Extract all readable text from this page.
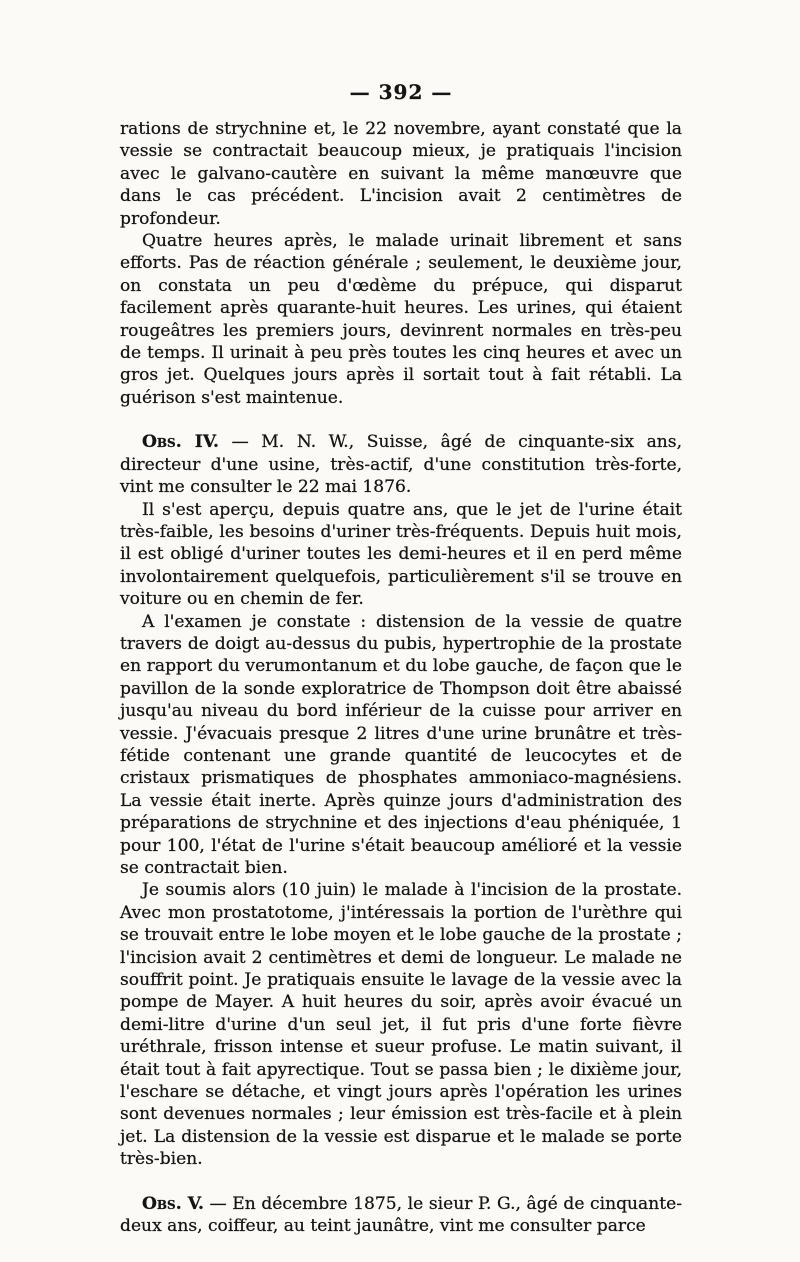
— 392 —

rations de strychnine et, le 22 novembre, ayant constaté que la vessie se contractait beaucoup mieux, je pratiquais l'incision avec le galvano-cautère en suivant la même manœuvre que dans le cas précédent. L'incision avait 2 centimètres de profondeur.

Quatre heures après, le malade urinait librement et sans efforts. Pas de réaction générale ; seulement, le deuxième jour, on constata un peu d'œdème du prépuce, qui disparut facilement après quarante-huit heures. Les urines, qui étaient rougeâtres les premiers jours, devinrent normales en très-peu de temps. Il urinait à peu près toutes les cinq heures et avec un gros jet. Quelques jours après il sortait tout à fait rétabli. La guérison s'est maintenue.

Obs. IV. — M. N. W., Suisse, âgé de cinquante-six ans, directeur d'une usine, très-actif, d'une constitution très-forte, vint me consulter le 22 mai 1876.

Il s'est aperçu, depuis quatre ans, que le jet de l'urine était très-faible, les besoins d'uriner très-fréquents. Depuis huit mois, il est obligé d'uriner toutes les demi-heures et il en perd même involontairement quelquefois, particulièrement s'il se trouve en voiture ou en chemin de fer.

A l'examen je constate : distension de la vessie de quatre travers de doigt au-dessus du pubis, hypertrophie de la prostate en rapport du verumontanum et du lobe gauche, de façon que le pavillon de la sonde exploratrice de Thompson doit être abaissé jusqu'au niveau du bord inférieur de la cuisse pour arriver en vessie. J'évacuais presque 2 litres d'une urine brunâtre et très-fétide contenant une grande quantité de leucocytes et de cristaux prismatiques de phosphates ammoniaco-magnésiens. La vessie était inerte. Après quinze jours d'administration des préparations de strychnine et des injections d'eau phéniquée, 1 pour 100, l'état de l'urine s'était beaucoup amélioré et la vessie se contractait bien.

Je soumis alors (10 juin) le malade à l'incision de la prostate. Avec mon prostatotome, j'intéressais la portion de l'urèthre qui se trouvait entre le lobe moyen et le lobe gauche de la prostate ; l'incision avait 2 centimètres et demi de longueur. Le malade ne souffrit point. Je pratiquais ensuite le lavage de la vessie avec la pompe de Mayer. A huit heures du soir, après avoir évacué un demi-litre d'urine d'un seul jet, il fut pris d'une forte fièvre uréthrale, frisson intense et sueur profuse. Le matin suivant, il était tout à fait apyrectique. Tout se passa bien ; le dixième jour, l'eschare se détache, et vingt jours après l'opération les urines sont devenues normales ; leur émission est très-facile et à plein jet. La distension de la vessie est disparue et le malade se porte très-bien.

Obs. V. — En décembre 1875, le sieur P. G., âgé de cinquante-deux ans, coiffeur, au teint jaunâtre, vint me consulter parce
